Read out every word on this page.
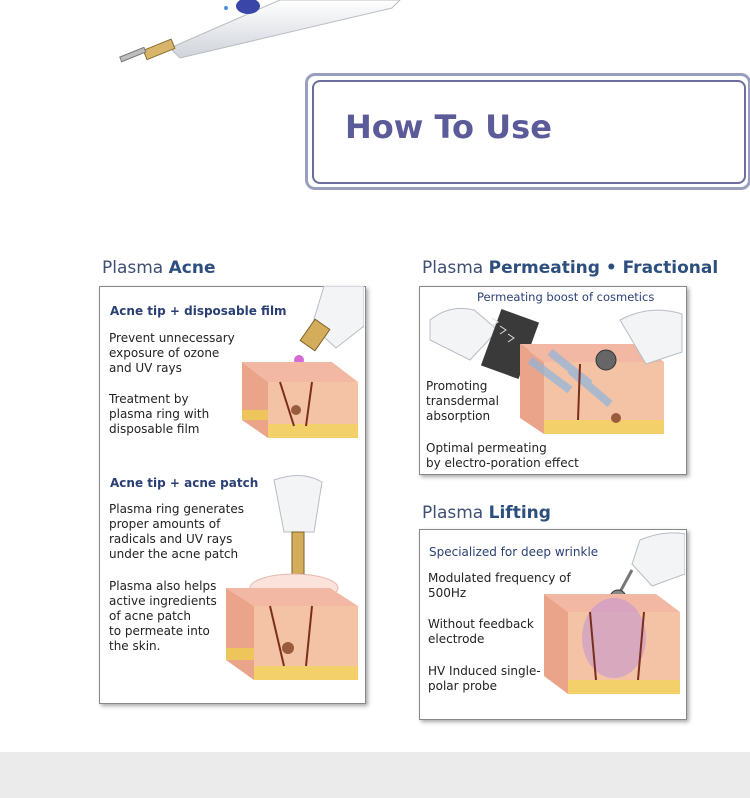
How To Use
Plasma Acne
Acne tip + disposable film
Prevent unnecessary
exposure of ozone
and UV rays
Treatment by
plasma ring with
disposable film
Acne tip + acne patch
Plasma ring generates
proper amounts of
radicals and UV rays
under the acne patch
Plasma also helps
active ingredients
of acne patch
to permeate into
the skin.
Plasma Permeating • Fractional
Permeating boost of cosmetics
Promoting
transdermal
absorption
Optimal permeating
by electro-poration effect
Plasma Lifting
Specialized for deep wrinkle
Modulated frequency of
500Hz
Without feedback
electrode
HV Induced single-
polar probe
